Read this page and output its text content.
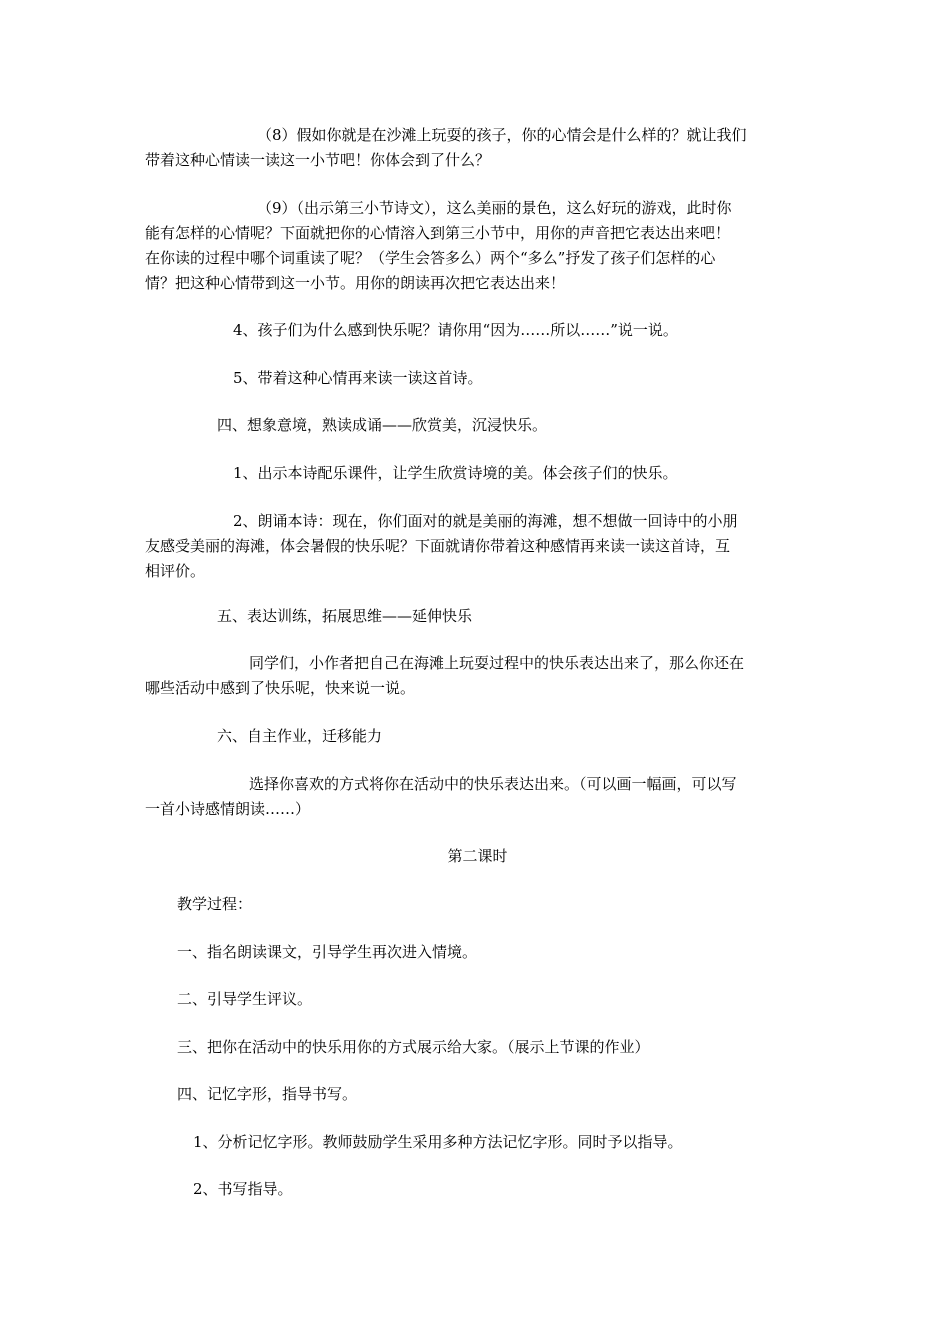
（8）假如你就是在沙滩上玩耍的孩子，你的心情会是什么样的？就让我们
带着这种心情读一读这一小节吧！你体会到了什么？

（9）（出示第三小节诗文），这么美丽的景色，这么好玩的游戏，此时你
能有怎样的心情呢？下面就把你的心情溶入到第三小节中，用你的声音把它表达出来吧！
在你读的过程中哪个词重读了呢？（学生会答多么）两个“多么”抒发了孩子们怎样的心
情？把这种心情带到这一小节。用你的朗读再次把它表达出来！

4、孩子们为什么感到快乐呢？请你用“因为……所以……”说一说。

5、带着这种心情再来读一读这首诗。

四、想象意境，熟读成诵——欣赏美，沉浸快乐。

1、出示本诗配乐课件，让学生欣赏诗境的美。体会孩子们的快乐。

2、朗诵本诗：现在，你们面对的就是美丽的海滩，想不想做一回诗中的小朋
友感受美丽的海滩，体会暑假的快乐呢？下面就请你带着这种感情再来读一读这首诗，互
相评价。

五、表达训练，拓展思维——延伸快乐

同学们，小作者把自己在海滩上玩耍过程中的快乐表达出来了，那么你还在
哪些活动中感到了快乐呢，快来说一说。

六、自主作业，迁移能力

选择你喜欢的方式将你在活动中的快乐表达出来。（可以画一幅画，可以写
一首小诗感情朗读……）

第二课时

教学过程：

一、指名朗读课文，引导学生再次进入情境。

二、引导学生评议。

三、把你在活动中的快乐用你的方式展示给大家。（展示上节课的作业）

四、记忆字形，指导书写。

1、分析记忆字形。教师鼓励学生采用多种方法记忆字形。同时予以指导。

2、书写指导。
